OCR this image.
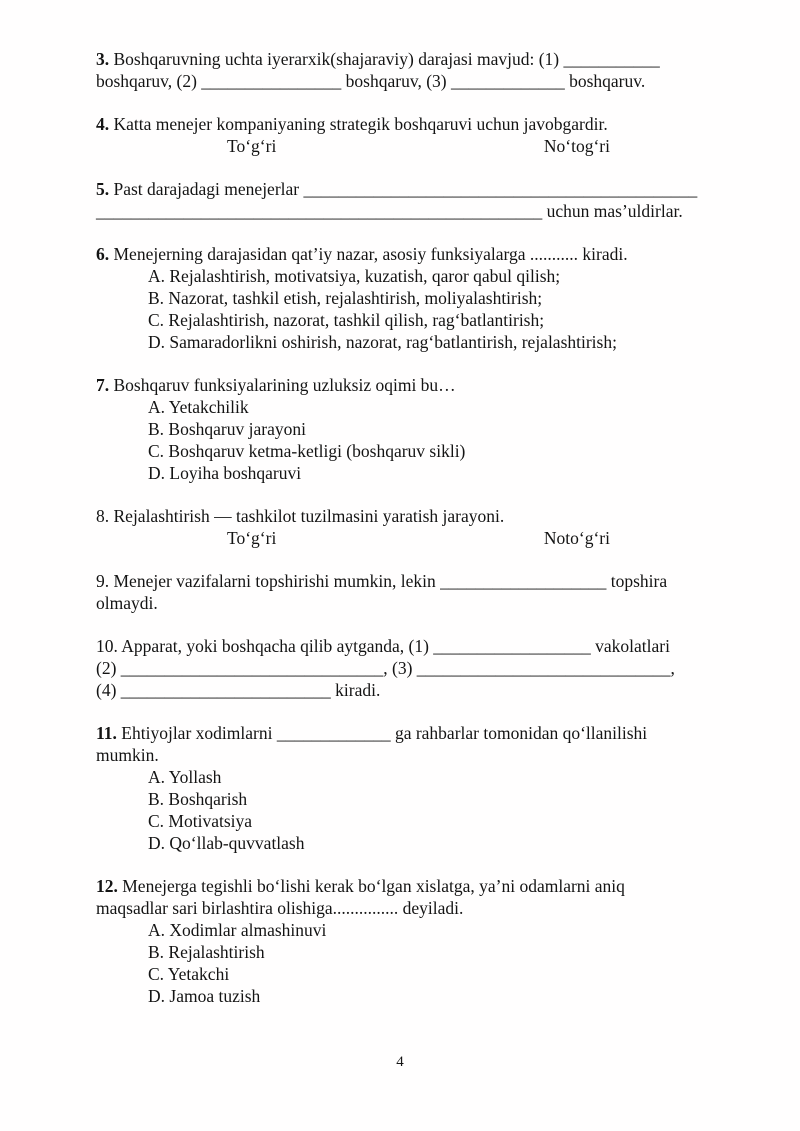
3. Boshqaruvning uchta iyerarxik(shajaraviy) darajasi mavjud: (1) ___________

boshqaruv, (2) ________________ boshqaruv, (3) _____________ boshqaruv.

4. Katta menejer kompaniyaning strategik boshqaruvi uchun javobgardir.

To‘g‘ri	No‘tog‘ri

5. Past darajadagi menejerlar _____________________________________________

___________________________________________________ uchun mas’uldirlar.

6. Menejerning darajasidan qat’iy nazar, asosiy funksiyalarga ........... kiradi.

A. Rejalashtirish, motivatsiya, kuzatish, qaror qabul qilish;

B. Nazorat, tashkil etish, rejalashtirish, moliyalashtirish;

C. Rejalashtirish, nazorat, tashkil qilish, rag‘batlantirish;

D. Samaradorlikni oshirish, nazorat, rag‘batlantirish, rejalashtirish;

7. Boshqaruv funksiyalarining uzluksiz oqimi bu…

A. Yetakchilik

B. Boshqaruv jarayoni

C. Boshqaruv ketma-ketligi (boshqaruv sikli)

D. Loyiha boshqaruvi

8. Rejalashtirish — tashkilot tuzilmasini yaratish jarayoni.

To‘g‘ri	Noto‘g‘ri

9. Menejer vazifalarni topshirishi mumkin, lekin ___________________ topshira

olmaydi.

10. Apparat, yoki boshqacha qilib aytganda, (1) __________________ vakolatlari

(2) ______________________________, (3) _____________________________,

(4) ________________________ kiradi.

11. Ehtiyojlar xodimlarni _____________ ga rahbarlar tomonidan qo‘llanilishi

mumkin.

A. Yollash

B. Boshqarish

C. Motivatsiya

D. Qo‘llab-quvvatlash

12. Menejerga tegishli bo‘lishi kerak bo‘lgan xislatga, ya’ni odamlarni aniq

maqsadlar sari birlashtira olishiga............... deyiladi.

A. Xodimlar almashinuvi

B. Rejalashtirish

C. Yetakchi

D. Jamoa tuzish

4
